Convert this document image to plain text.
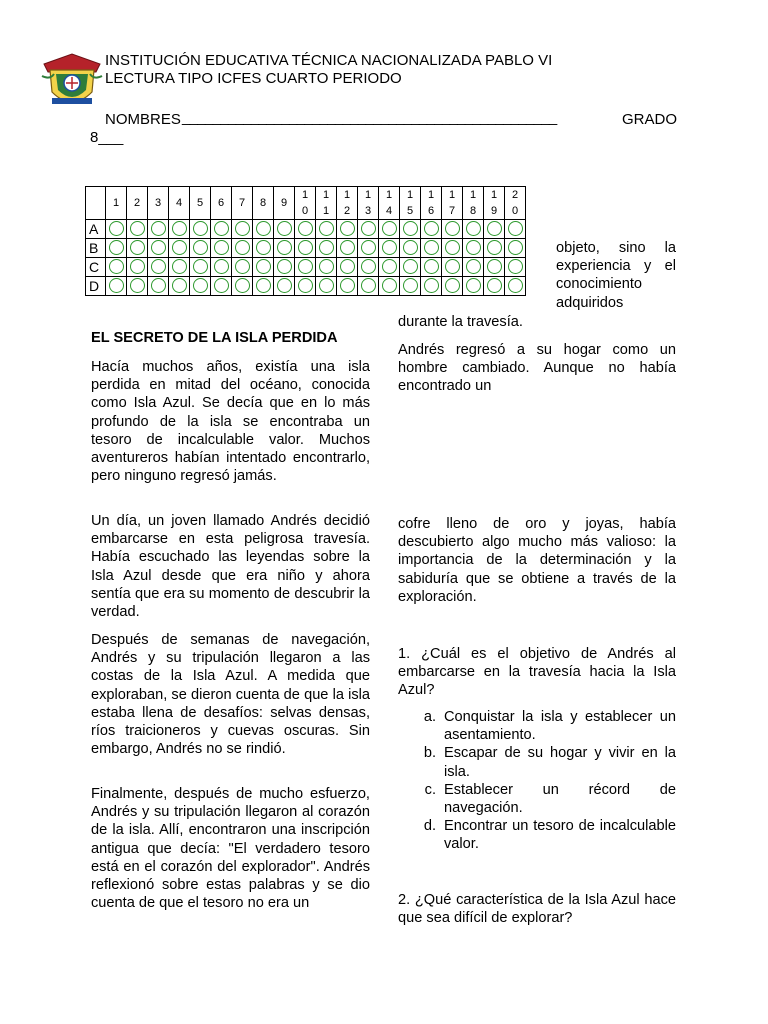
INSTITUCIÓN EDUCATIVA TÉCNICA NACIONALIZADA PABLO VI
LECTURA TIPO ICFES CUARTO PERIODO
NOMBRES _________________________________________________	GRADO
8___
	1	2	3	4	5	6	7	8	9	10	11	12	13	14	15	16	17	18	19	20
A																				
B																				
C																				
D																				
EL SECRETO DE LA ISLA PERDIDA
Hacía muchos años, existía una isla perdida en mitad del océano, conocida como Isla Azul. Se decía que en lo más profundo de la isla se encontraba un tesoro de incalculable valor. Muchos aventureros habían intentado encontrarlo, pero ninguno regresó jamás.
Un día, un joven llamado Andrés decidió embarcarse en esta peligrosa travesía. Había escuchado las leyendas sobre la Isla Azul desde que era niño y ahora sentía que era su momento de descubrir la verdad.
Después de semanas de navegación, Andrés y su tripulación llegaron a las costas de la Isla Azul. A medida que exploraban, se dieron cuenta de que la isla estaba llena de desafíos: selvas densas, ríos traicioneros y cuevas oscuras. Sin embargo, Andrés no se rindió.
Finalmente, después de mucho esfuerzo, Andrés y su tripulación llegaron al corazón de la isla. Allí, encontraron una inscripción antigua que decía: "El verdadero tesoro está en el corazón del explorador". Andrés reflexionó sobre estas palabras y se dio cuenta de que el tesoro no era un
objeto, sino la experiencia y el conocimiento adquiridos
durante la travesía.
Andrés regresó a su hogar como un hombre cambiado. Aunque no había encontrado un
cofre lleno de oro y joyas, había descubierto algo mucho más valioso: la importancia de la determinación y la sabiduría que se obtiene a través de la exploración.
1. ¿Cuál es el objetivo de Andrés al embarcarse en la travesía hacia la Isla Azul?
a. Conquistar la isla y establecer un asentamiento.
b. Escapar de su hogar y vivir en la isla.
c. Establecer un récord de navegación.
d. Encontrar un tesoro de incalculable valor.
2. ¿Qué característica de la Isla Azul hace que sea difícil de explorar?
